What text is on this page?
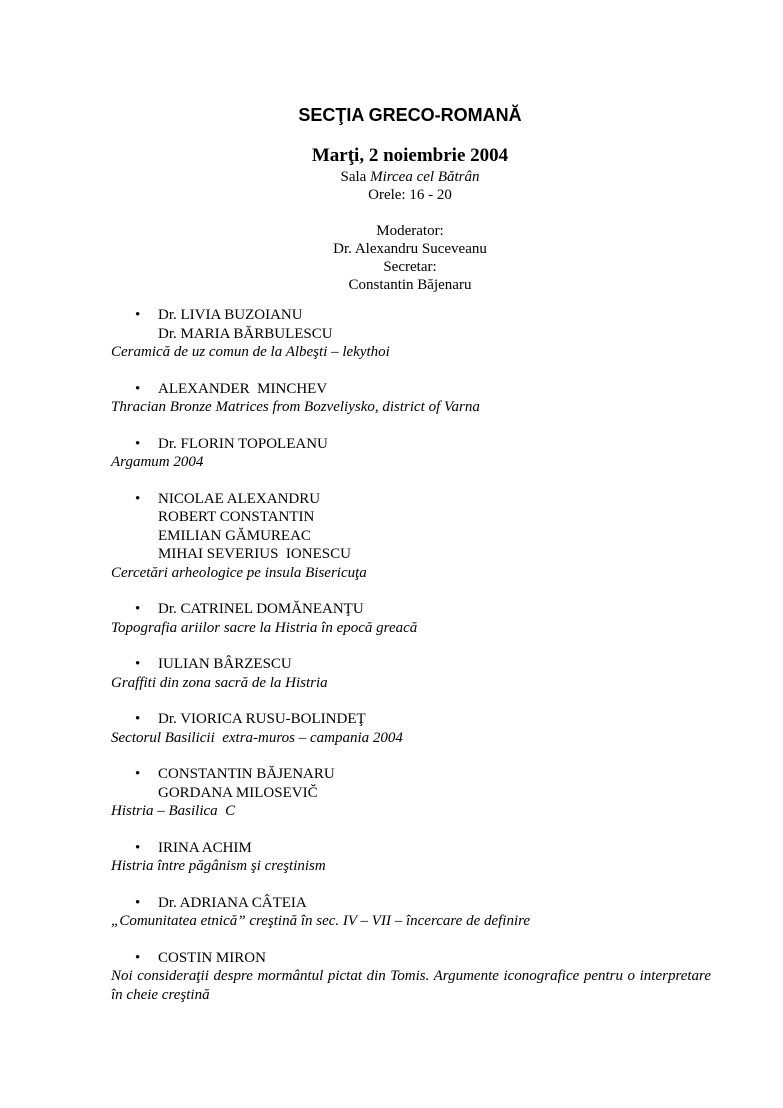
SECŢIA GRECO-ROMANĂ
Marţi, 2 noiembrie 2004
Sala Mircea cel Bătrân
Orele: 16 - 20
Moderator:
Dr. Alexandru Suceveanu
Secretar:
Constantin Băjenaru
• Dr. LIVIA BUZOIANU
Dr. MARIA BĂRBULESCU
Ceramică de uz comun de la Albeşti – lekythoi
• ALEXANDER  MINCHEV
Thracian Bronze Matrices from Bozveliysko, district of Varna
• Dr. FLORIN TOPOLEANU
Argamum 2004
• NICOLAE ALEXANDRU
ROBERT CONSTANTIN
EMILIAN GĂMUREAC
MIHAI SEVERIUS  IONESCU
Cercetări arheologice pe insula Bisericuţa
• Dr. CATRINEL DOMĂNEANŢU
Topografia ariilor sacre la Histria în epocă greacă
• IULIAN BÂRZESCU
Graffiti din zona sacră de la Histria
• Dr. VIORICA RUSU-BOLINDEŢ
Sectorul Basilicii  extra-muros – campania 2004
• CONSTANTIN BĂJENARU
GORDANA MILOSEVIČ
Histria – Basilica  C
• IRINA ACHIM
Histria între păgânism şi creştinism
• Dr. ADRIANA CÂTEIA
„Comunitatea etnică” creştină în sec. IV – VII – încercare de definire
• COSTIN MIRON
Noi consideraţii despre mormântul pictat din Tomis. Argumente iconografice pentru o interpretare în cheie creştină
